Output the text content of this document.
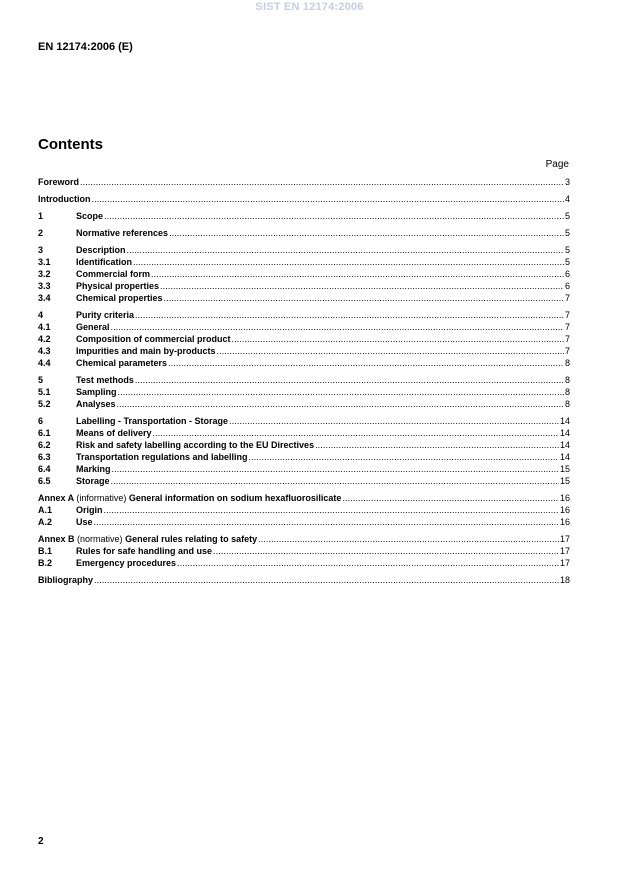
SIST EN 12174:2006
EN 12174:2006 (E)
Contents
Page
Foreword .....	3
Introduction .....	4
1	Scope .....	5
2	Normative references .....	5
3	Description .....	5
3.1	Identification .....	5
3.2	Commercial form .....	6
3.3	Physical properties .....	6
3.4	Chemical properties .....	7
4	Purity criteria .....	7
4.1	General .....	7
4.2	Composition of commercial product .....	7
4.3	Impurities and main by-products .....	7
4.4	Chemical parameters .....	8
5	Test methods .....	8
5.1	Sampling .....	8
5.2	Analyses .....	8
6	Labelling - Transportation - Storage .....	14
6.1	Means of delivery .....	14
6.2	Risk and safety labelling according to the EU Directives .....	14
6.3	Transportation regulations and labelling .....	14
6.4	Marking .....	15
6.5	Storage .....	15
Annex A (informative) General information on sodium hexafluorosilicate .....	16
A.1	Origin .....	16
A.2	Use .....	16
Annex B (normative) General rules relating to safety .....	17
B.1	Rules for safe handling and use .....	17
B.2	Emergency procedures .....	17
Bibliography .....	18
2
